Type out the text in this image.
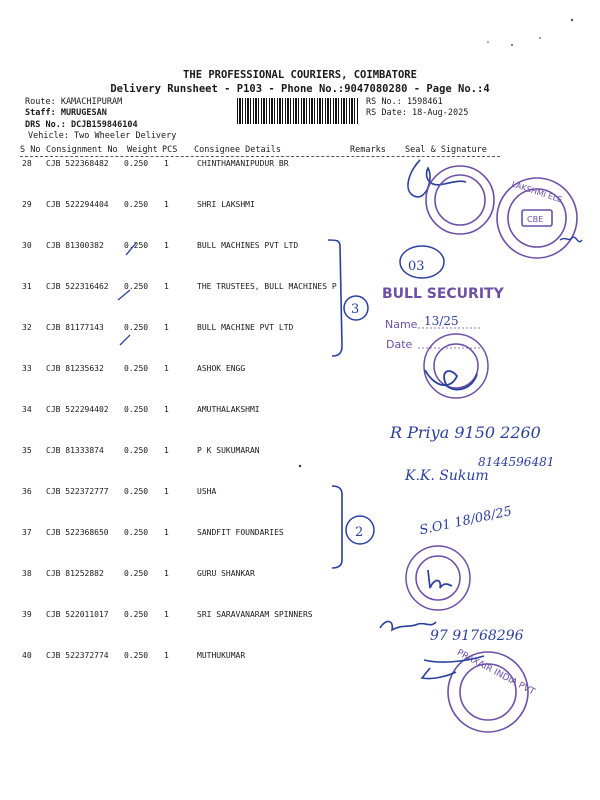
THE PROFESSIONAL COURIERS, COIMBATORE
Delivery Runsheet - P103 - Phone No.:9047080280 - Page No.:4
Route: KAMACHIPURAM
Staff: MURUGESAN
DRS No.: DCJB159846104
Vehicle: Two Wheeler Delivery
RS No.: 1598461
RS Date: 18-Aug-2025
S No Consignment No Weight PCS Consignee Details	Remarks Seal & Signature
28 CJB 522368482 0.250 1	CHINTHAMANIPUDUR BR
29 CJB 522294404 0.250 1	SHRI LAKSHMI
30 CJB 81300382	0.250 1	BULL MACHINES PVT LTD
31 CJB 522316462 0.250 1	THE TRUSTEES, BULL MACHINES P
32 CJB 81177143	0.250 1	BULL MACHINE PVT LTD
33 CJB 81235632	0.250 1	ASHOK ENGG
34 CJB 522294402 0.250 1	AMUTHALAKSHMI
35 CJB 81333874	0.250 1	P K SUKUMARAN
36 CJB 522372777 0.250 1	USHA
37 CJB 522368650 0.250 1	SANDFIT FOUNDARIES
38 CJB 81252882	0.250 1	GURU SHANKAR
39 CJB 522011017 0.250 1	SRI SARAVANARAM SPINNERS
40 CJB 522372774 0.250 1	MUTHUKUMAR
LAKSHMI ELE
CBE
3
03
BULL SECURITY
Name 13/25
Date
R Priya 9150 2260
8144596481
K.K. Sukum
2	S.O1 18/08/25
97 91768296
PRAXAIR INDIA PVT
